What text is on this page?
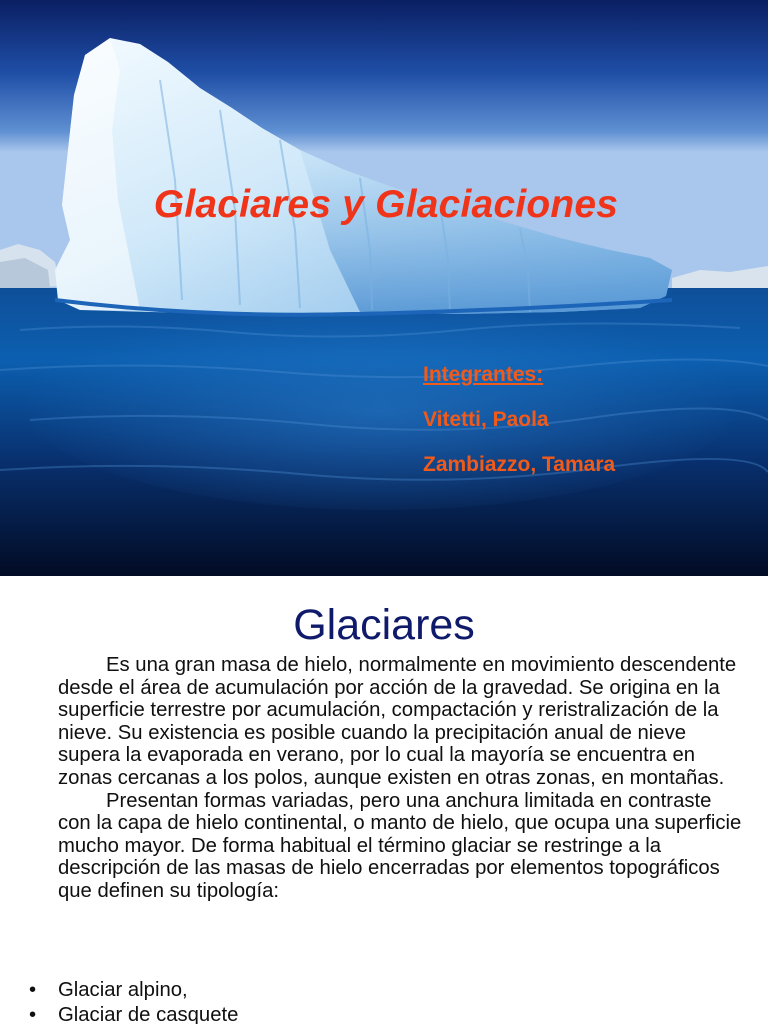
Glaciares y Glaciaciones
Integrantes:
Vitetti, Paola
Zambiazzo, Tamara
Glaciares

Es una gran masa de hielo, normalmente en movimiento descendente desde el área de acumulación por acción de la gravedad. Se origina en la superficie terrestre por acumulación, compactación y reristralización de la nieve. Su existencia es posible cuando la precipitación anual de nieve supera la evaporada en verano, por lo cual la mayoría se encuentra en zonas cercanas a los polos, aunque existen en otras zonas, en montañas.

Presentan formas variadas, pero una anchura limitada en contraste con la capa de hielo continental, o manto de hielo, que ocupa una superficie mucho mayor. De forma habitual el término glaciar se restringe a la descripción de las masas de hielo encerradas por elementos topográficos que definen su tipología:

•	Glaciar alpino,
•	Glaciar de casquete
